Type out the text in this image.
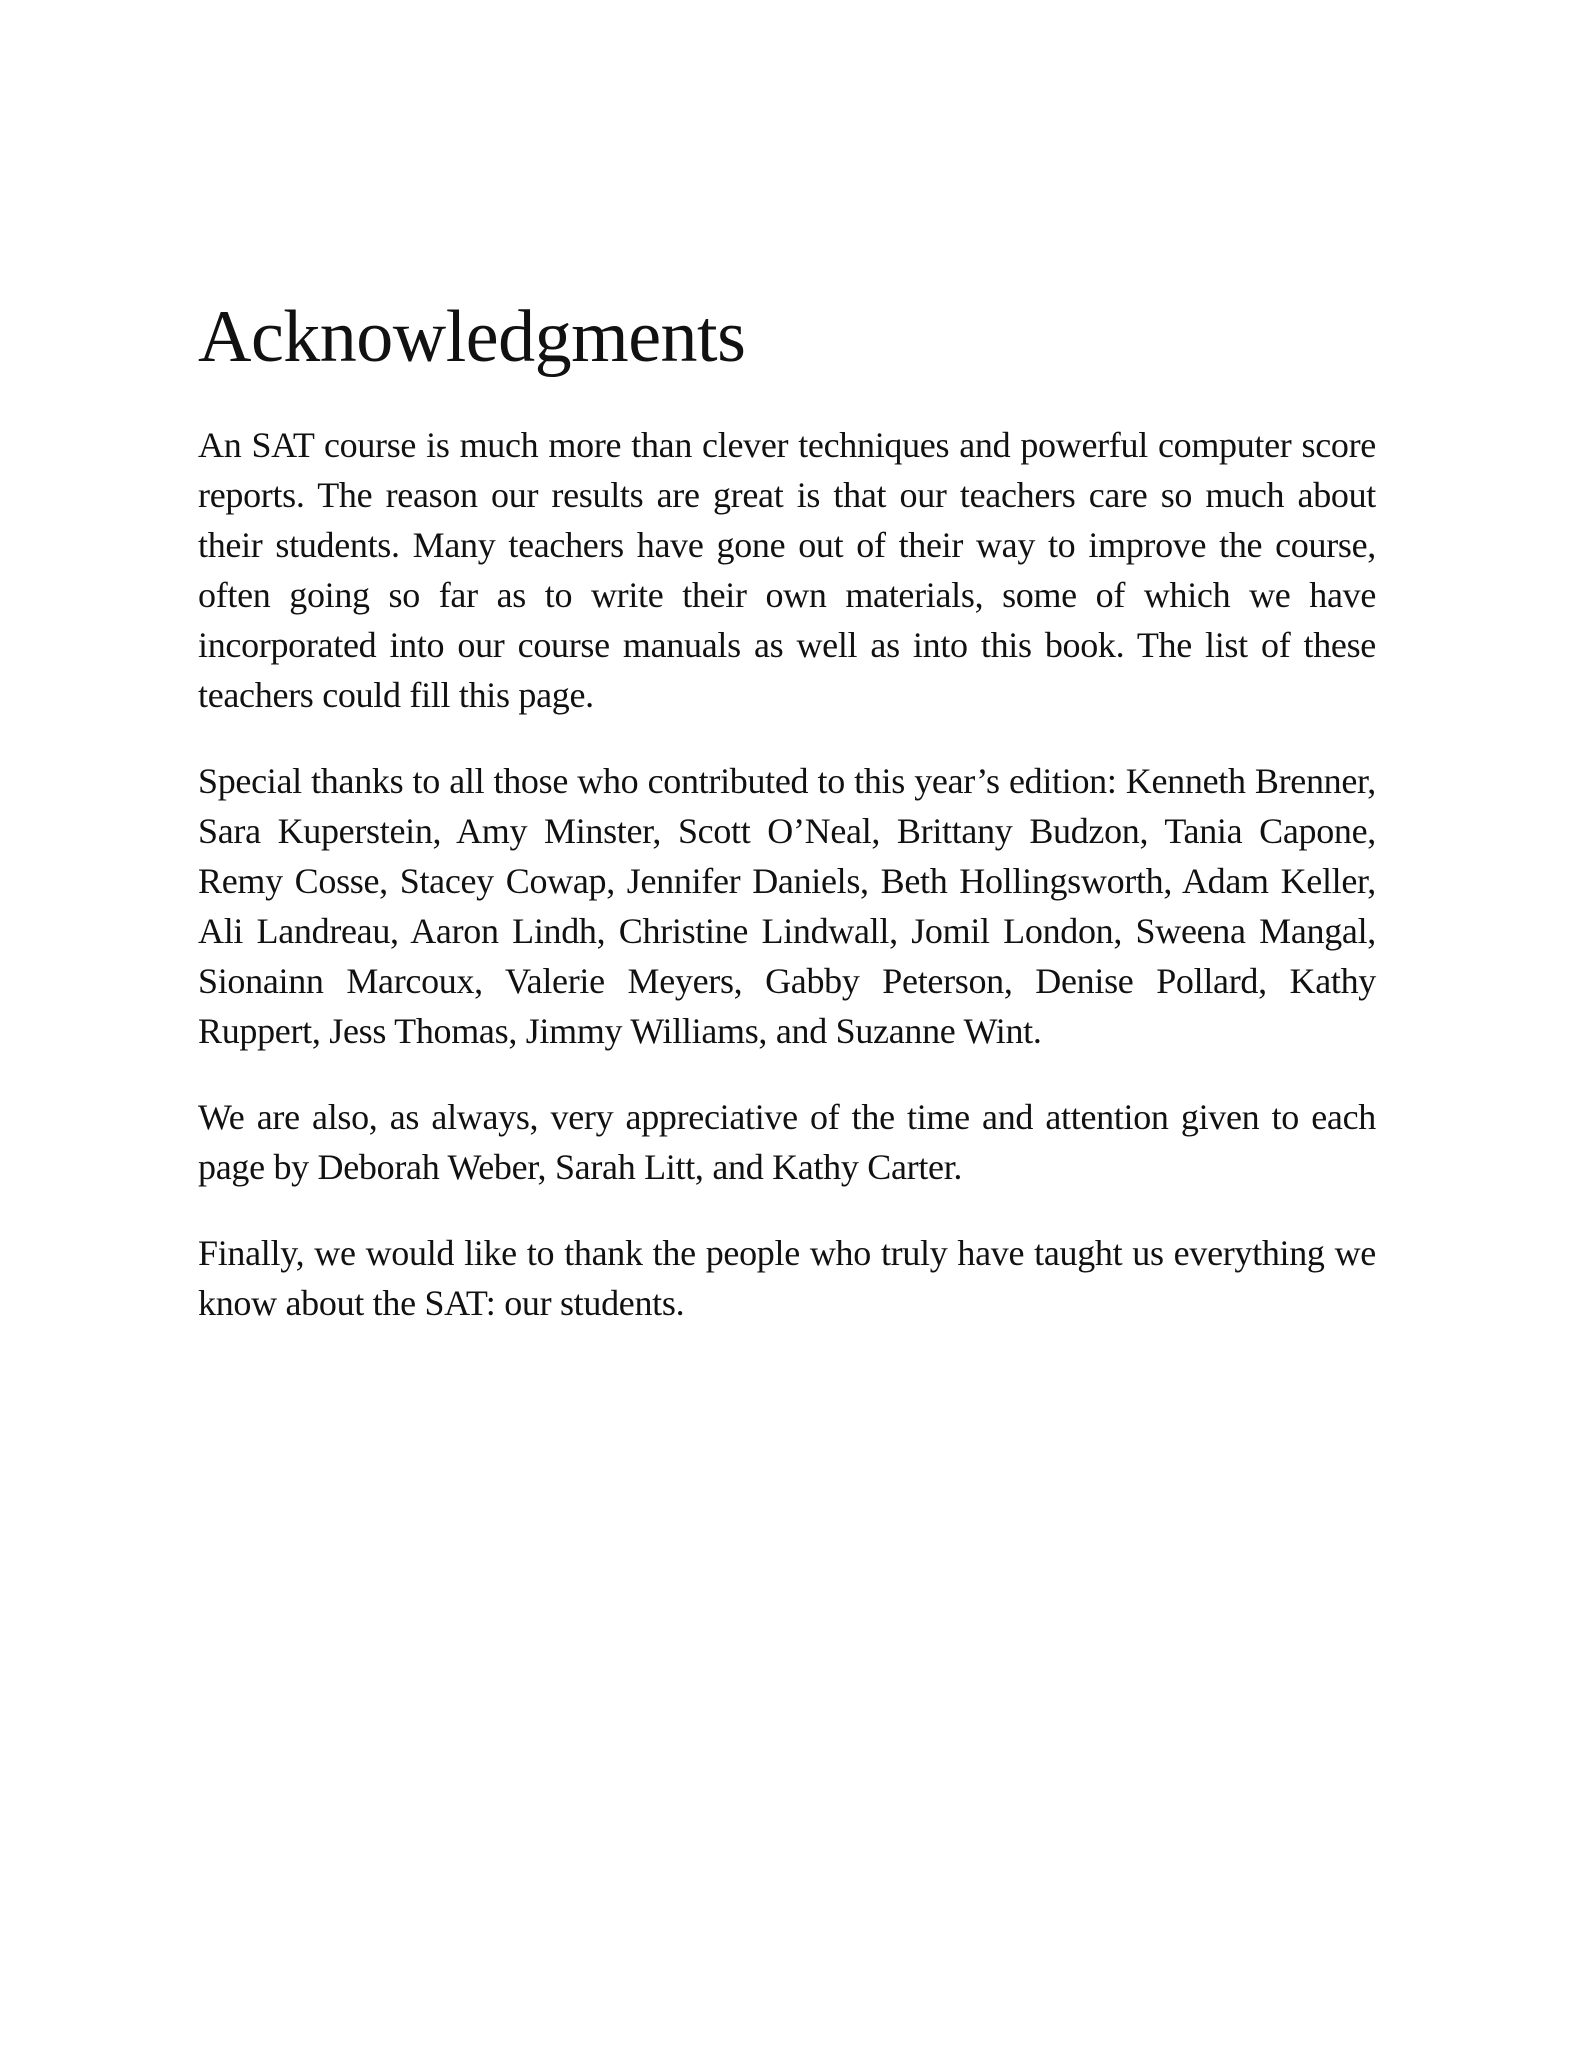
Acknowledgments

An SAT course is much more than clever techniques and powerful computer score reports. The reason our results are great is that our teachers care so much about their students. Many teachers have gone out of their way to improve the course, often going so far as to write their own materials, some of which we have incorporated into our course manuals as well as into this book. The list of these teachers could fill this page.

Special thanks to all those who contributed to this year’s edition: Kenneth Brenner, Sara Kuperstein, Amy Minster, Scott O’Neal, Brittany Budzon, Tania Capone, Remy Cosse, Stacey Cowap, Jennifer Daniels, Beth Hollingsworth, Adam Keller, Ali Landreau, Aaron Lindh, Christine Lindwall, Jomil London, Sweena Mangal, Sionainn Marcoux, Valerie Meyers, Gabby Peterson, Denise Pollard, Kathy Ruppert, Jess Thomas, Jimmy Williams, and Suzanne Wint.

We are also, as always, very appreciative of the time and attention given to each page by Deborah Weber, Sarah Litt, and Kathy Carter.

Finally, we would like to thank the people who truly have taught us everything we know about the SAT: our students.
